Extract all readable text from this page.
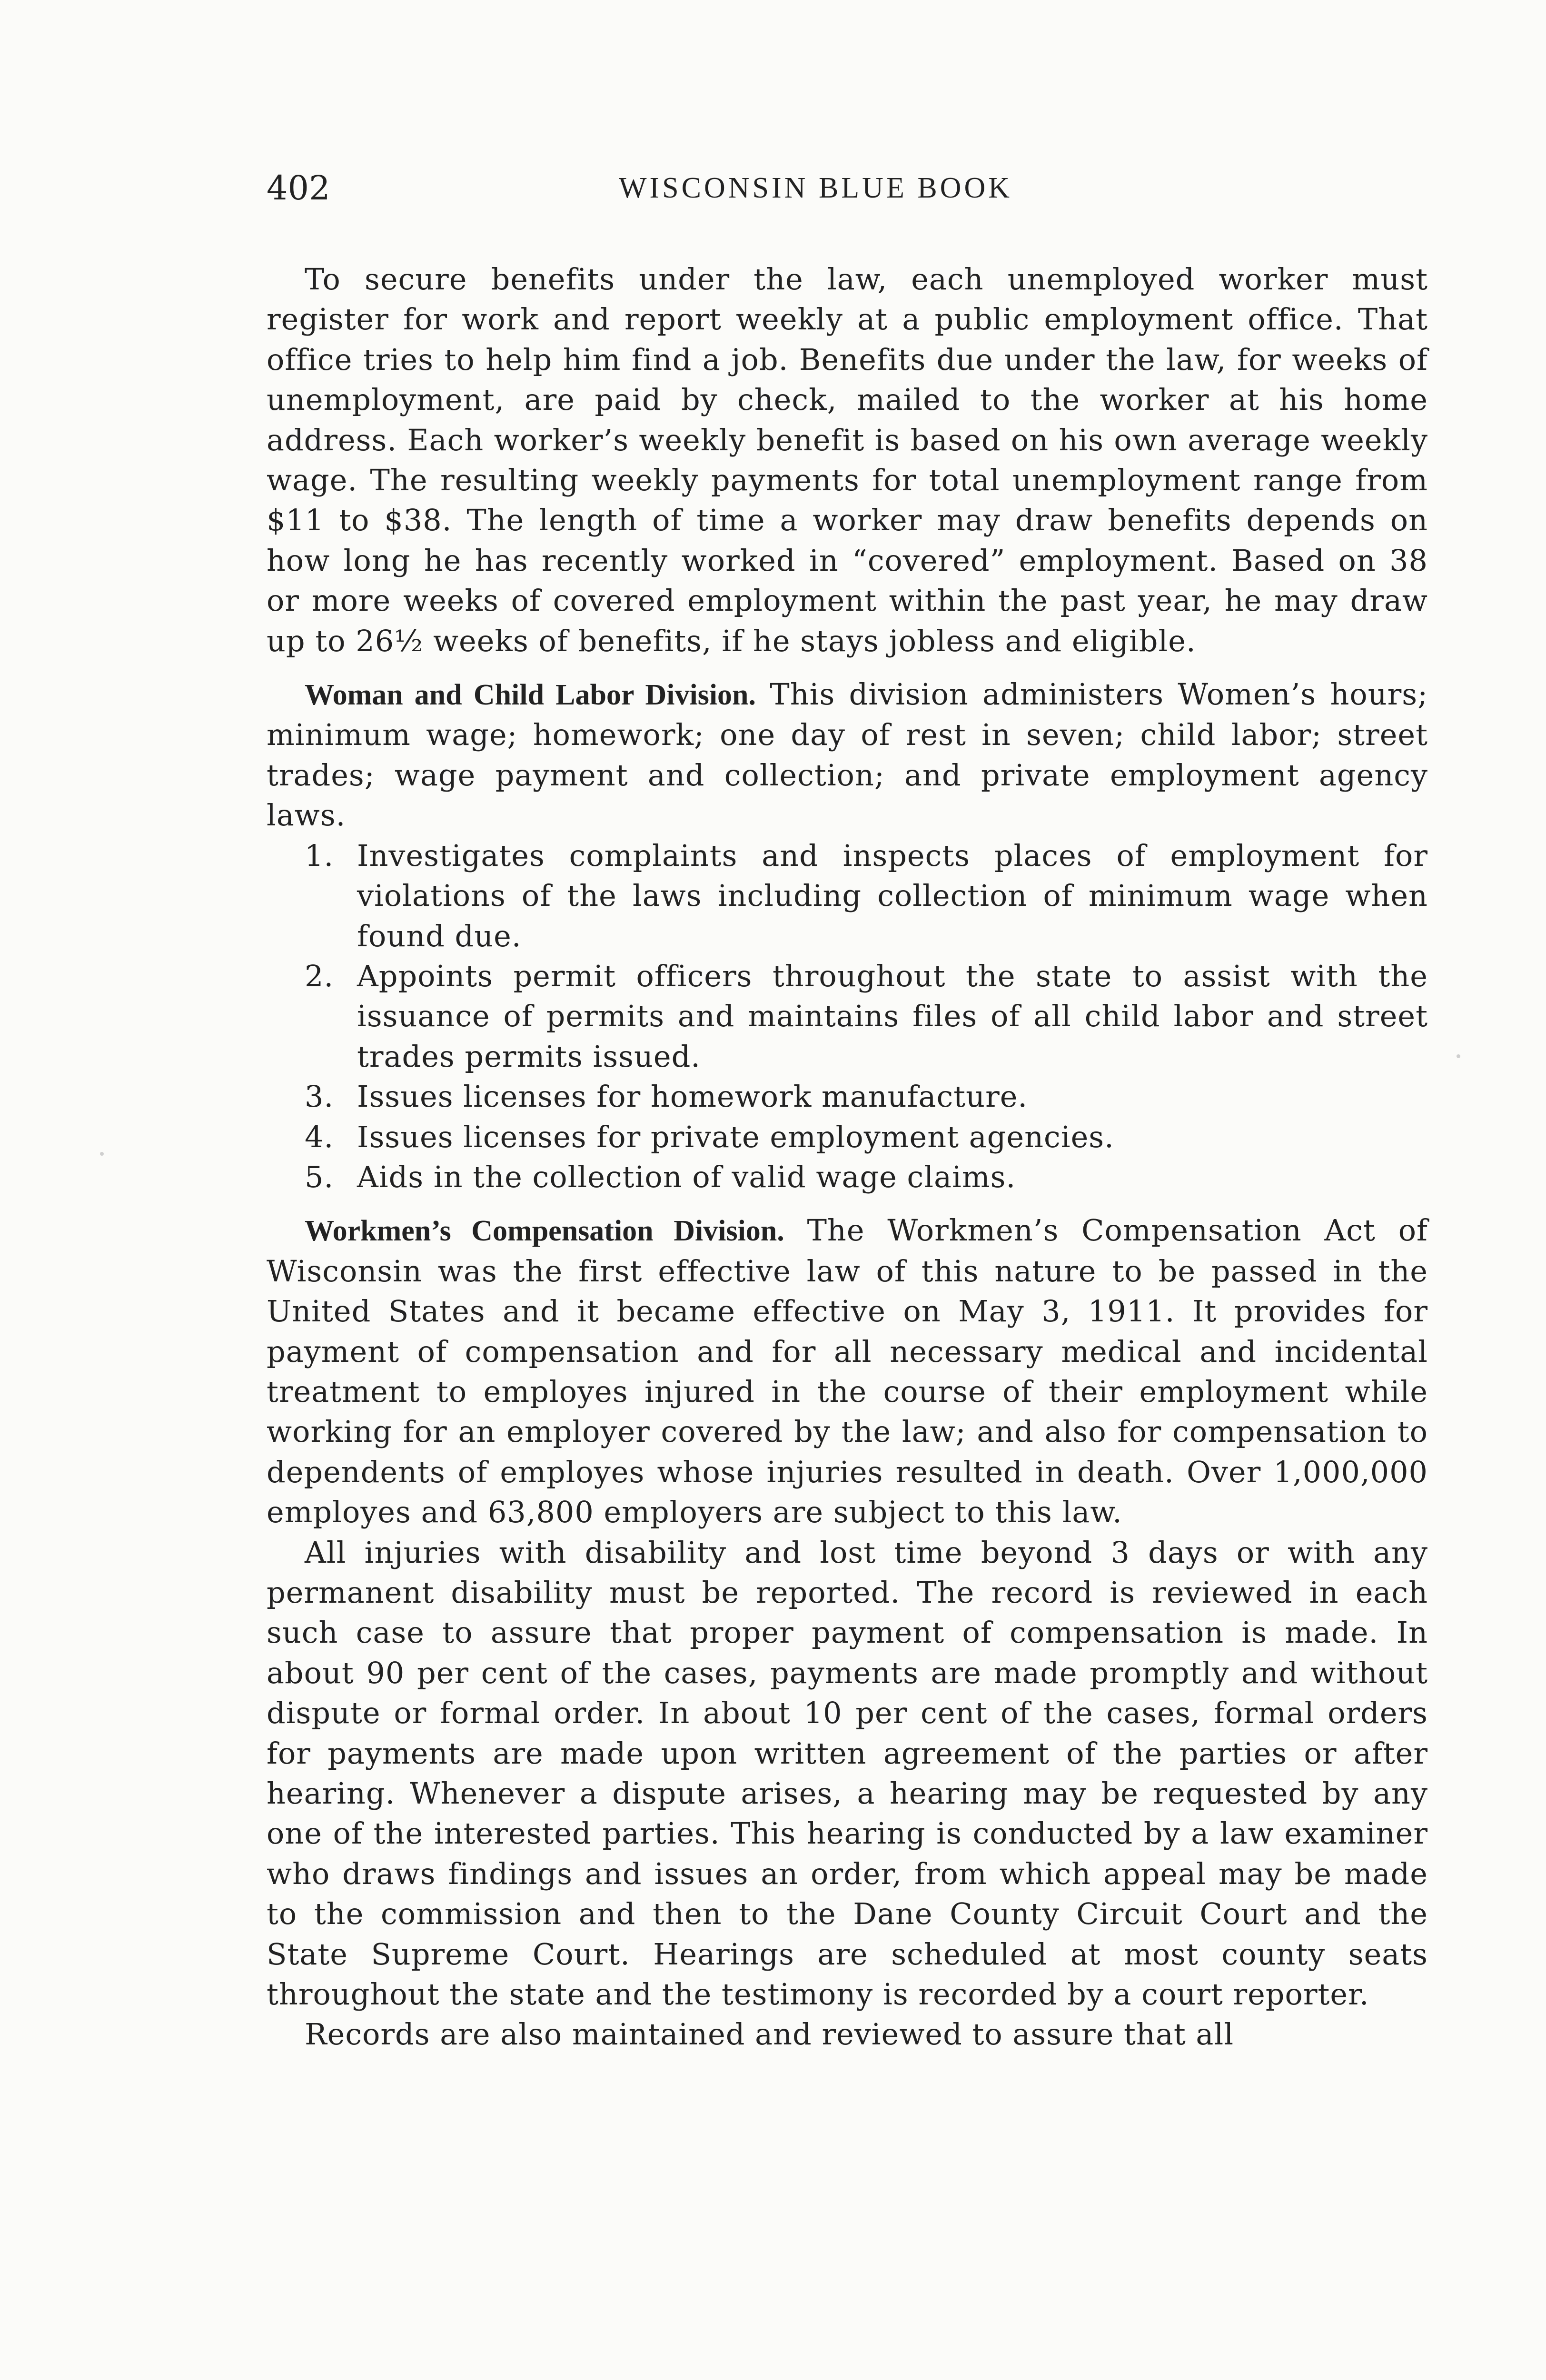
402	WISCONSIN BLUE BOOK

To secure benefits under the law, each unemployed worker must register for work and report weekly at a public employment office. That office tries to help him find a job. Benefits due under the law, for weeks of unemployment, are paid by check, mailed to the worker at his home address. Each worker’s weekly benefit is based on his own average weekly wage. The resulting weekly payments for total unemployment range from $11 to $38. The length of time a worker may draw benefits depends on how long he has recently worked in “covered” employment. Based on 38 or more weeks of covered employment within the past year, he may draw up to 26½ weeks of benefits, if he stays jobless and eligible.

Woman and Child Labor Division. This division administers Women’s hours; minimum wage; homework; one day of rest in seven; child labor; street trades; wage payment and collection; and private employment agency laws.

1. Investigates complaints and inspects places of employment for violations of the laws including collection of minimum wage when found due.
2. Appoints permit officers throughout the state to assist with the issuance of permits and maintains files of all child labor and street trades permits issued.
3. Issues licenses for homework manufacture.
4. Issues licenses for private employment agencies.
5. Aids in the collection of valid wage claims.

Workmen’s Compensation Division. The Workmen’s Compensation Act of Wisconsin was the first effective law of this nature to be passed in the United States and it became effective on May 3, 1911. It provides for payment of compensation and for all necessary medical and incidental treatment to employes injured in the course of their employment while working for an employer covered by the law; and also for compensation to dependents of employes whose injuries resulted in death. Over 1,000,000 employes and 63,800 employers are subject to this law.

All injuries with disability and lost time beyond 3 days or with any permanent disability must be reported. The record is reviewed in each such case to assure that proper payment of compensation is made. In about 90 per cent of the cases, payments are made promptly and without dispute or formal order. In about 10 per cent of the cases, formal orders for payments are made upon written agreement of the parties or after hearing. Whenever a dispute arises, a hearing may be requested by any one of the interested parties. This hearing is conducted by a law examiner who draws findings and issues an order, from which appeal may be made to the commission and then to the Dane County Circuit Court and the State Supreme Court. Hearings are scheduled at most county seats throughout the state and the testimony is recorded by a court reporter.

Records are also maintained and reviewed to assure that all
